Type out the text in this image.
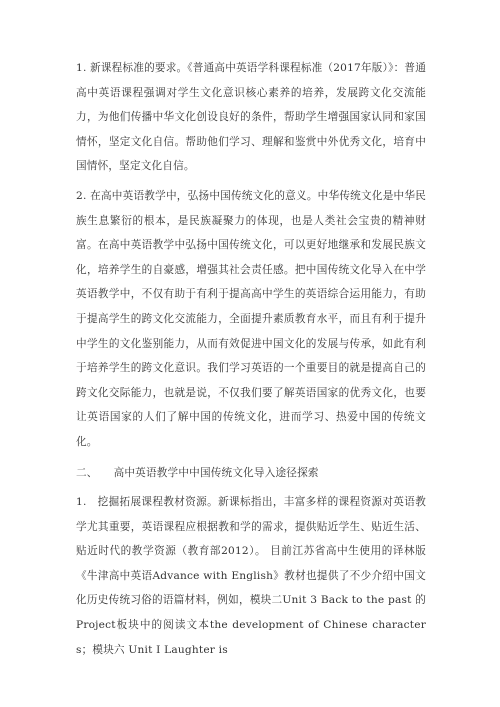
1. 新课程标准的要求。《普通高中英语学科课程标准（2017年版）》：普通高中英语课程强调对学生文化意识核心素养的培养，发展跨文化交流能力，为他们传播中华文化创设良好的条件，帮助学生增强国家认同和家国情怀，坚定文化自信。帮助他们学习、理解和鉴赏中外优秀文化，培育中国情怀，坚定文化自信。

2. 在高中英语教学中，弘扬中国传统文化的意义。中华传统文化是中华民族生息繁衍的根本，是民族凝聚力的体现，也是人类社会宝贵的精神财富。在高中英语教学中弘扬中国传统文化，可以更好地继承和发展民族文化，培养学生的自豪感，增强其社会责任感。把中国传统文化导入在中学英语教学中，不仅有助于有利于提高高中学生的英语综合运用能力，有助于提高学生的跨文化交流能力，全面提升素质教育水平，而且有利于提升中学生的文化鉴别能力，从而有效促进中国文化的发展与传承，如此有利于培养学生的跨文化意识。我们学习英语的一个重要目的就是提高自己的跨文化交际能力，也就是说，不仅我们要了解英语国家的优秀文化，也要让英语国家的人们了解中国的传统文化，进而学习、热爱中国的传统文化。

二、 高中英语教学中中国传统文化导入途径探索

1.　挖掘拓展课程教材资源。新课标指出，丰富多样的课程资源对英语教学尤其重要，英语课程应根据教和学的需求，提供贴近学生、贴近生活、贴近时代的教学资源（教育部2012）。 目前江苏省高中生使用的译林版《牛津高中英语Advance with English》教材也提供了不少介绍中国文化历史传统习俗的语篇材料，例如，模块二Unit 3 Back to the past 的Project板块中的阅读文本the development of Chinese characters；模块六 Unit I Laughter is
